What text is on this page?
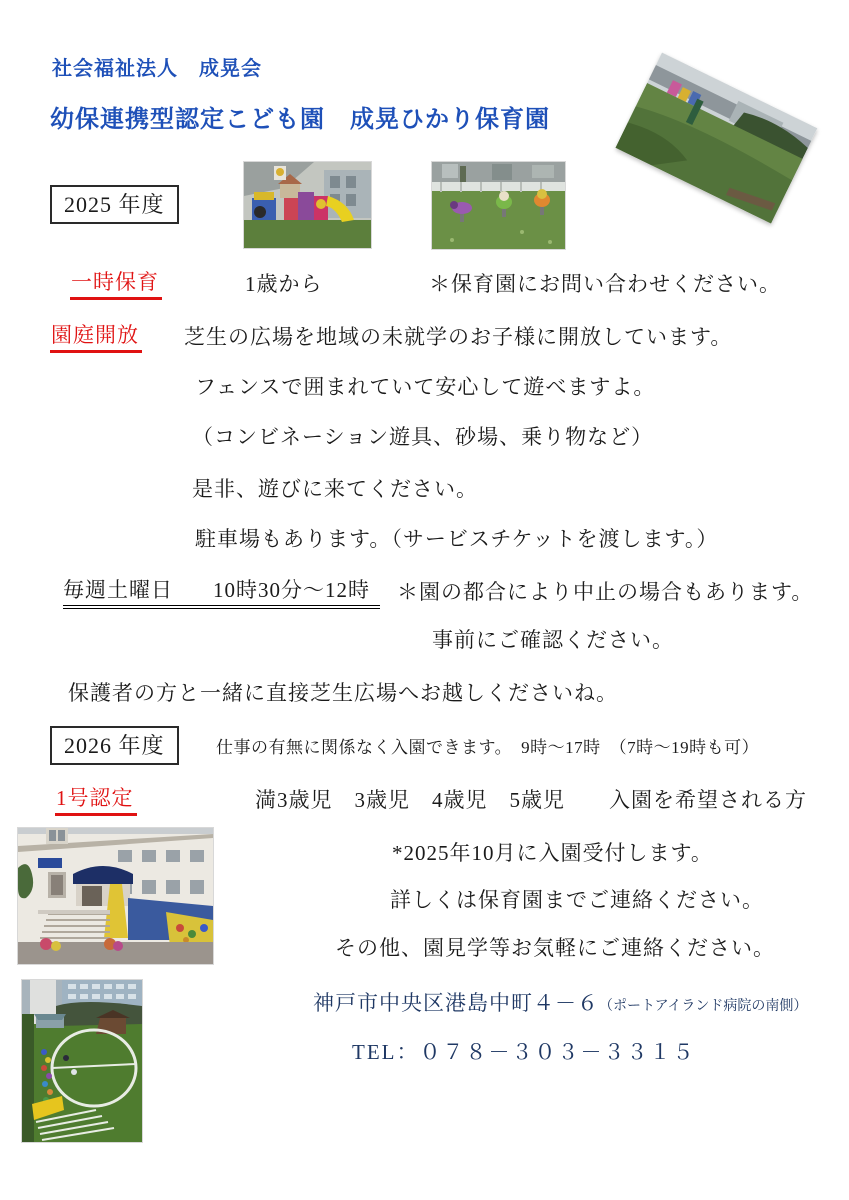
社会福祉法人　成晃会
幼保連携型認定こども園　成晃ひかり保育園
2025 年度
一時保育	1歳から	＊保育園にお問い合わせください。
園庭開放 芝生の広場を地域の未就学のお子様に開放しています。
フェンスで囲まれていて安心して遊べますよ。
（コンビネーション遊具、砂場、乗り物など）
是非、遊びに来てください。
駐車場もあります。（サービスチケットを渡します。）
毎週土曜日 10時30分～12時	＊園の都合により中止の場合もあります。
事前にご確認ください。
保護者の方と一緒に直接芝生広場へお越しくださいね。
2026 年度	仕事の有無に関係なく入園できます。　9時～17時　（7時～19時も可）
1号認定	満3歳児　3歳児　4歳児　5歳児　　入園を希望される方
*2025年10月に入園受付します。
詳しくは保育園までご連絡ください。
その他、園見学等お気軽にご連絡ください。
神戸市中央区港島中町４－６（ポートアイランド病院の南側）
TEL：０７８－３０３－３３１５
